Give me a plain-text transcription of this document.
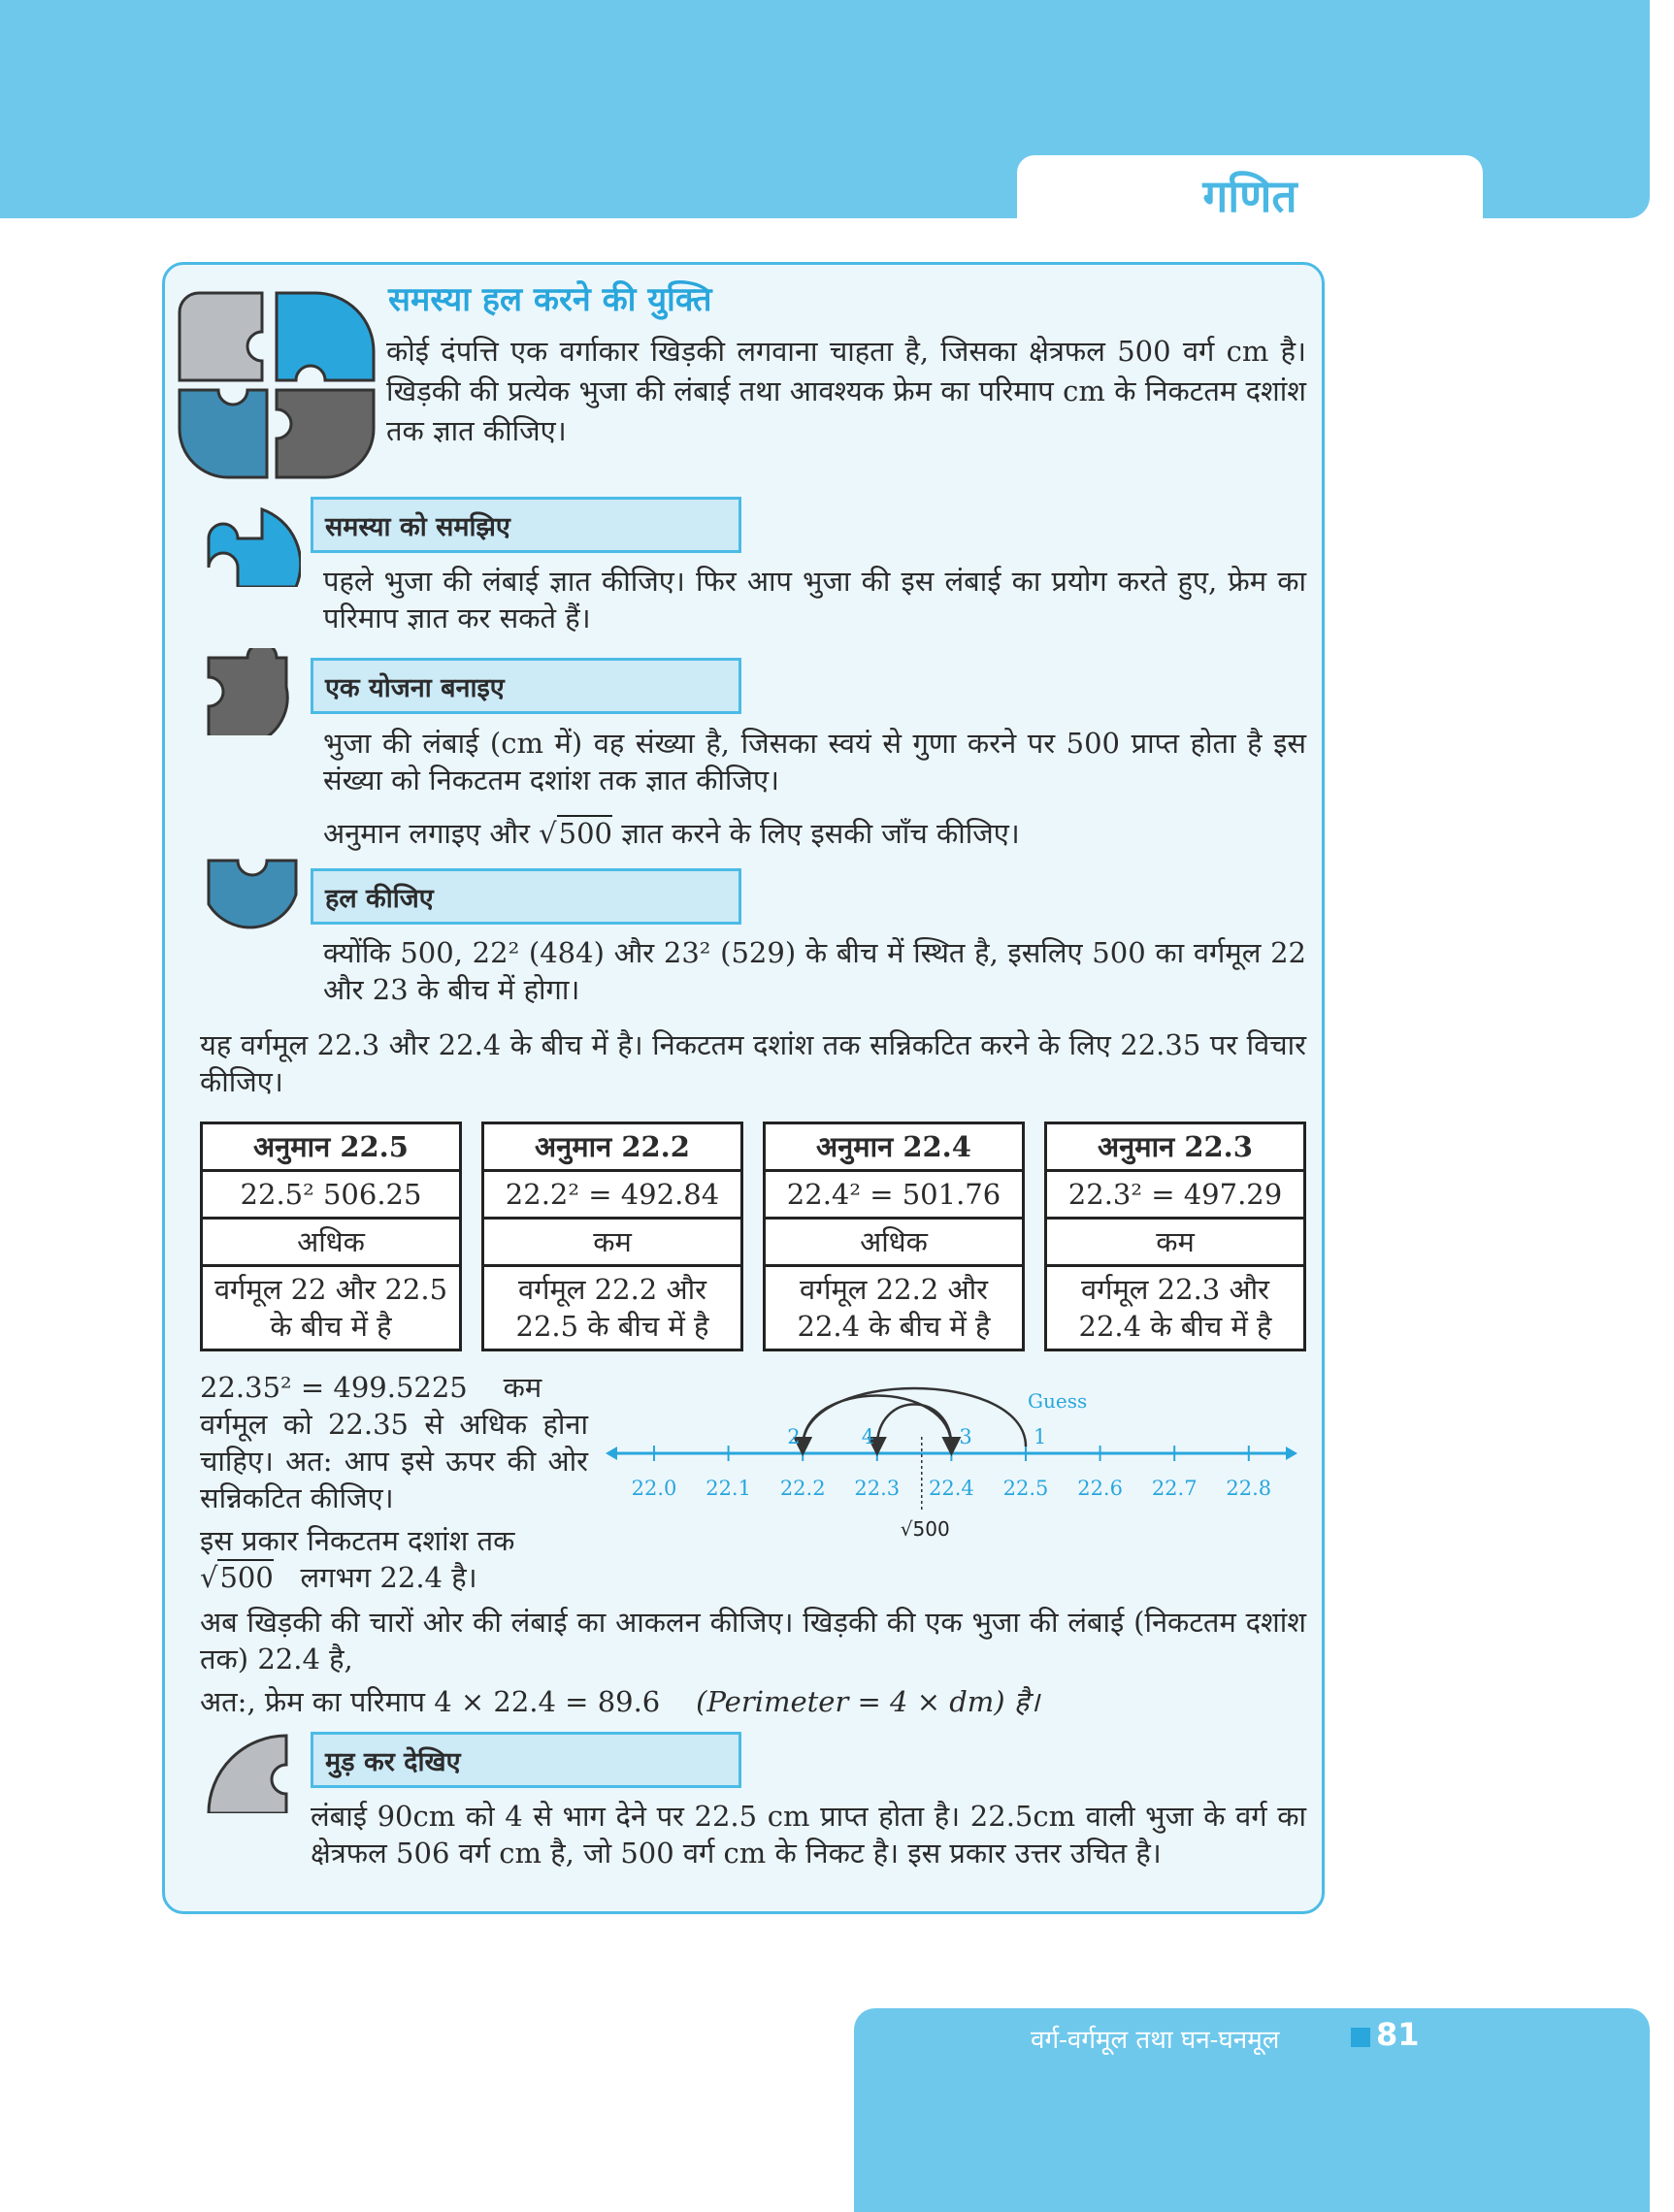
गणित
समस्या हल करने की युक्ति
कोई दंपत्ति एक वर्गाकार खिड़की लगवाना चाहता है, जिसका क्षेत्रफल 500 वर्ग cm है। खिड़की की प्रत्येक भुजा की लंबाई तथा आवश्यक फ्रेम का परिमाप cm के निकटतम दशांश तक ज्ञात कीजिए।
समस्या को समझिए
पहले भुजा की लंबाई ज्ञात कीजिए। फिर आप भुजा की इस लंबाई का प्रयोग करते हुए, फ्रेम का परिमाप ज्ञात कर सकते हैं।
एक योजना बनाइए
भुजा की लंबाई (cm में) वह संख्या है, जिसका स्वयं से गुणा करने पर 500 प्राप्त होता है इस संख्या को निकटतम दशांश तक ज्ञात कीजिए।
अनुमान लगाइए और √500 ज्ञात करने के लिए इसकी जाँच कीजिए।
हल कीजिए
क्योंकि 500, 22² (484) और 23² (529) के बीच में स्थित है, इसलिए 500 का वर्गमूल 22 और 23 के बीच में होगा।
यह वर्गमूल 22.3 और 22.4 के बीच में है। निकटतम दशांश तक सन्निकटित करने के लिए 22.35 पर विचार कीजिए।
अनुमान 22.5
22.5² 506.25
अधिक
वर्गमूल 22 और 22.5 के बीच में है
अनुमान 22.2
22.2² = 492.84
कम
वर्गमूल 22.2 और 22.5 के बीच में है
अनुमान 22.4
22.4² = 501.76
अधिक
वर्गमूल 22.2 और 22.4 के बीच में है
अनुमान 22.3
22.3² = 497.29
कम
वर्गमूल 22.3 और 22.4 के बीच में है
22.35² = 499.5225 कम
वर्गमूल को 22.35 से अधिक होना चाहिए। अत: आप इसे ऊपर की ओर सन्निकटित कीजिए।
इस प्रकार निकटतम दशांश तक
√500 लगभग 22.4 है।
22.0 22.1 22.2 22.3 22.4 22.5 22.6 22.7 22.8
1
2	3
4
√500
Guess
अब खिड़की की चारों ओर की लंबाई का आकलन कीजिए। खिड़की की एक भुजा की लंबाई (निकटतम दशांश तक) 22.4 है,
अत:, फ्रेम का परिमाप 4 × 22.4 = 89.6 (Perimeter = 4 × dm) है।
मुड़ कर देखिए
लंबाई 90cm को 4 से भाग देने पर 22.5 cm प्राप्त होता है। 22.5cm वाली भुजा के वर्ग का क्षेत्रफल 506 वर्ग cm है, जो 500 वर्ग cm के निकट है। इस प्रकार उत्तर उचित है।
वर्ग-वर्गमूल तथा घन-घनमूल	81
